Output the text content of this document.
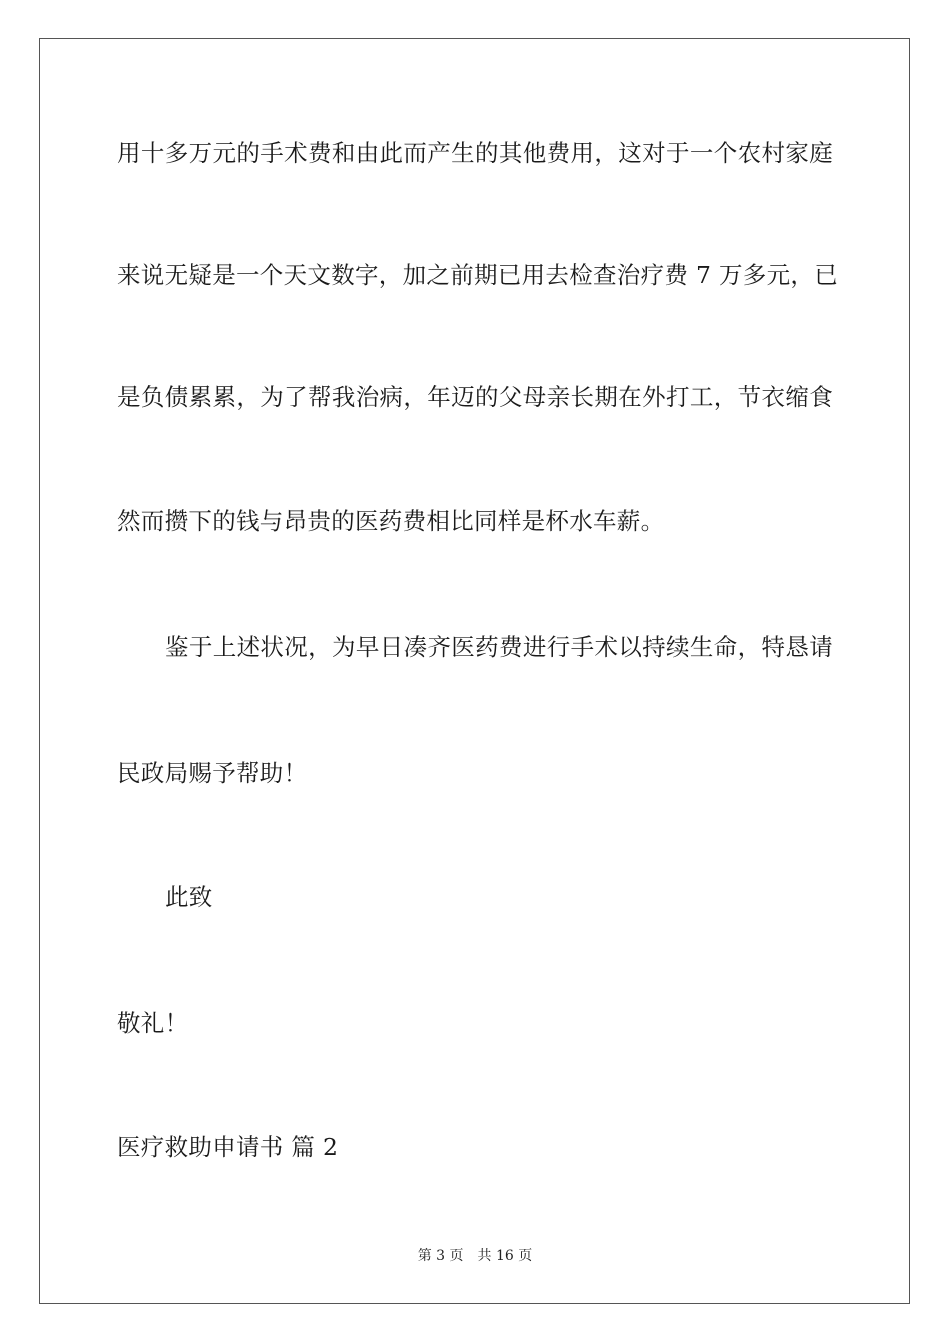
用十多万元的手术费和由此而产生的其他费用，这对于一个农村家庭
来说无疑是一个天文数字，加之前期已用去检查治疗费 7 万多元，已
是负债累累，为了帮我治病，年迈的父母亲长期在外打工，节衣缩食
然而攒下的钱与昂贵的医药费相比同样是杯水车薪。
鉴于上述状况，为早日凑齐医药费进行手术以持续生命，特恳请
民政局赐予帮助！
此致
敬礼！
医疗救助申请书 篇 2
第 3 页 共 16 页
